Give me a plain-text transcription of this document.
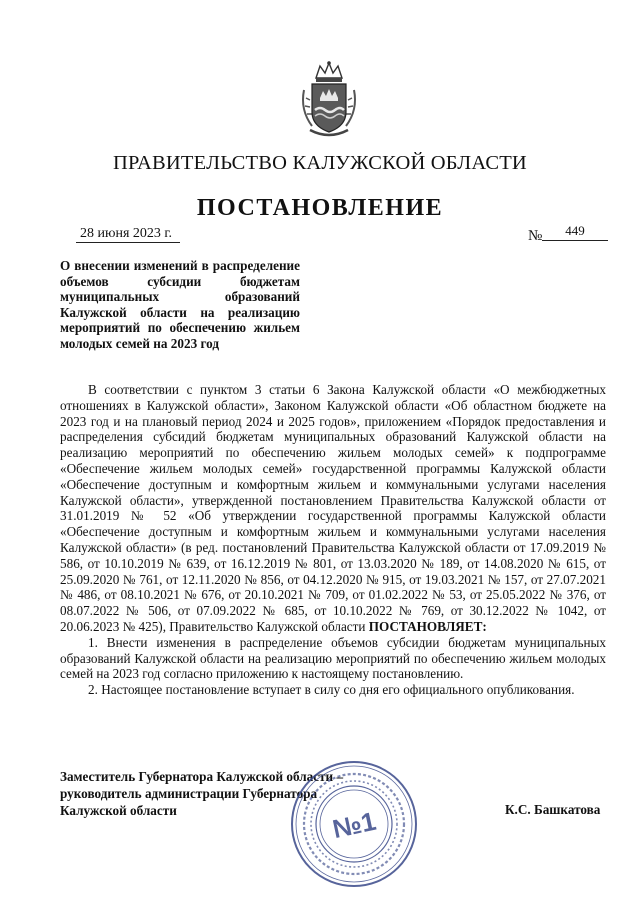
ПРАВИТЕЛЬСТВО КАЛУЖСКОЙ ОБЛАСТИ
ПОСТАНОВЛЕНИЕ
28 июня 2023 г.	№	449
О внесении изменений в распределение объемов субсидии бюджетам муниципальных образований Калужской области на реализацию мероприятий по обеспечению жильем молодых семей на 2023 год

В соответствии с пунктом 3 статьи 6 Закона Калужской области «О межбюджетных отношениях в Калужской области», Законом Калужской области «Об областном бюджете на 2023 год и на плановый период 2024 и 2025 годов», приложением «Порядок предоставления и распределения субсидий бюджетам муниципальных образований Калужской области на реализацию мероприятий по обеспечению жильем молодых семей» к подпрограмме «Обеспечение жильем молодых семей» государственной программы Калужской области «Обеспечение доступным и комфортным жильем и коммунальными услугами населения Калужской области», утвержденной постановлением Правительства Калужской области от 31.01.2019 № 52 «Об утверждении государственной программы Калужской области «Обеспечение доступным и комфортным жильем и коммунальными услугами населения Калужской области» (в ред. постановлений Правительства Калужской области от 17.09.2019 № 586, от 10.10.2019 № 639, от 16.12.2019 № 801, от 13.03.2020 № 189, от 14.08.2020 № 615, от 25.09.2020 № 761, от 12.11.2020 № 856, от 04.12.2020 № 915, от 19.03.2021 № 157, от 27.07.2021 № 486, от 08.10.2021 № 676, от 20.10.2021 № 709, от 01.02.2022 № 53, от 25.05.2022 № 376, от 08.07.2022 № 506, от 07.09.2022 № 685, от 10.10.2022 № 769, от 30.12.2022 № 1042, от 20.06.2023 № 425), Правительство Калужской области ПОСТАНОВЛЯЕТ:

1. Внести изменения в распределение объемов субсидии бюджетам муниципальных образований Калужской области на реализацию мероприятий по обеспечению жильем молодых семей на 2023 год согласно приложению к настоящему постановлению.

2. Настоящее постановление вступает в силу со дня его официального опубликования.

Заместитель Губернатора Калужской области –
руководитель администрации Губернатора
Калужской области	К.С. Башкатова
№1
